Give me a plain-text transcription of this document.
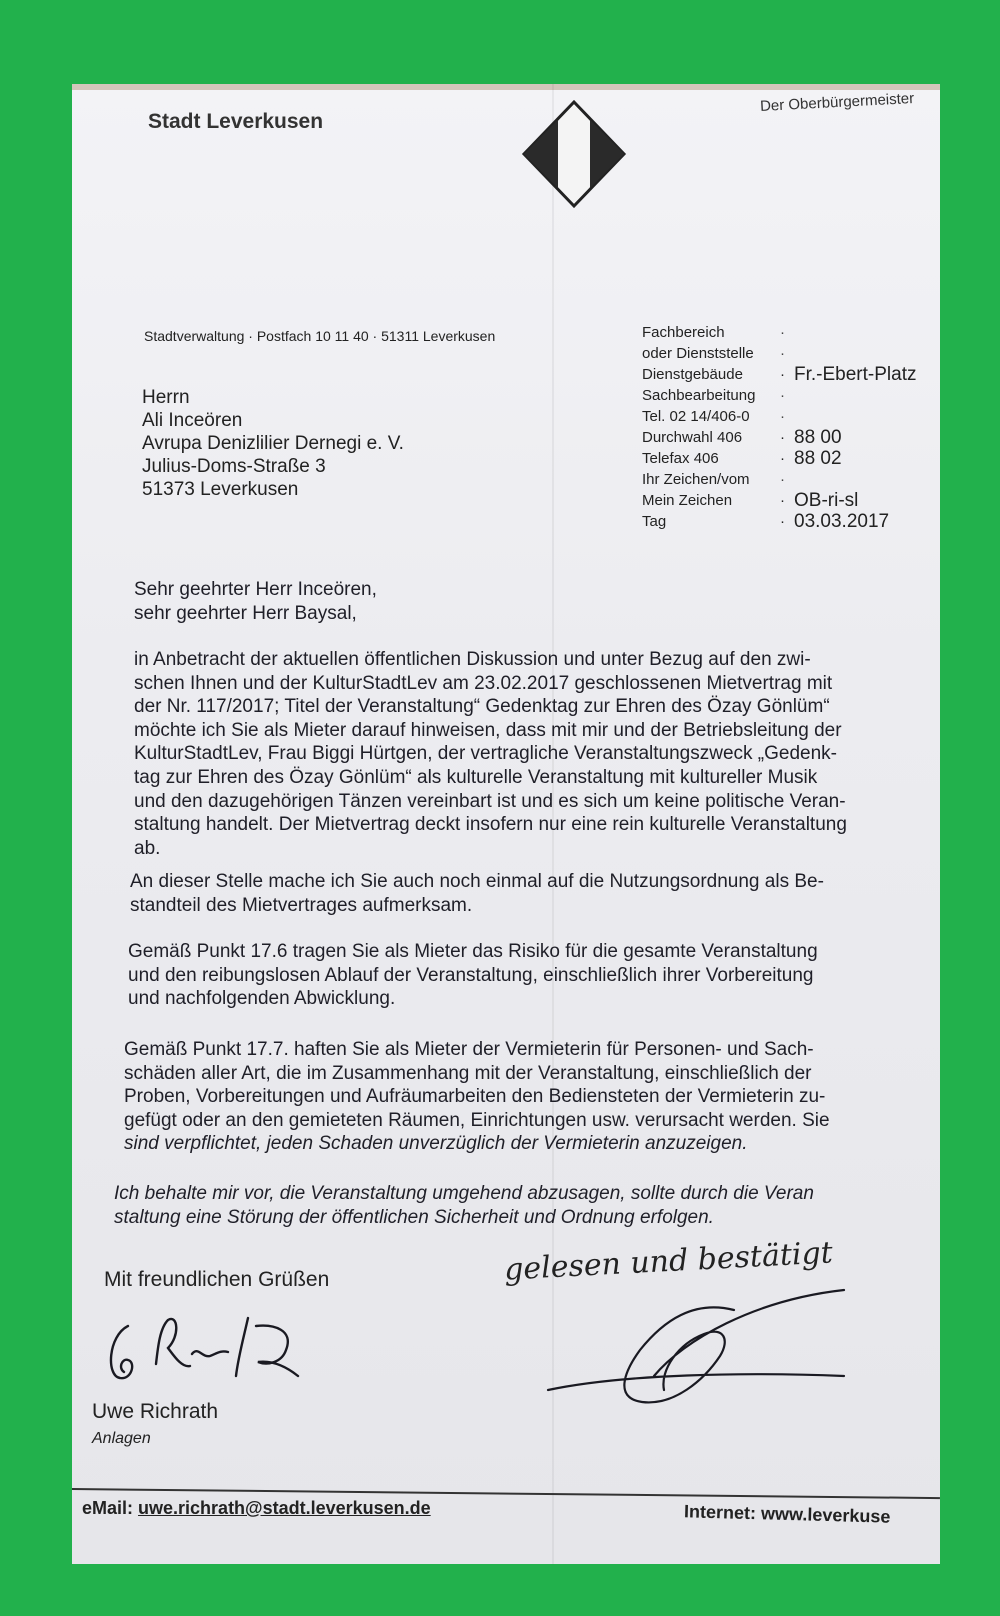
Stadt Leverkusen
Der Oberbürgermeister
Stadtverwaltung · Postfach 10 11 40 · 51311 Leverkusen
Herrn
Ali Inceören
Avrupa Denizlilier Dernegi e. V.
Julius-Doms-Straße 3
51373 Leverkusen
Fachbereich	·
oder Dienststelle	·
Dienstgebäude	· Fr.-Ebert-Platz
Sachbearbeitung	·
Tel. 02 14/406-0	·
Durchwahl 406	· 88 00
Telefax 406	· 88 02
Ihr Zeichen/vom	·
Mein Zeichen	· OB-ri-sl
Tag	· 03.03.2017
Sehr geehrter Herr Inceören,
sehr geehrter Herr Baysal,
in Anbetracht der aktuellen öffentlichen Diskussion und unter Bezug auf den zwi-
schen Ihnen und der KulturStadtLev am 23.02.2017 geschlossenen Mietvertrag mit
der Nr. 117/2017; Titel der Veranstaltung“ Gedenktag zur Ehren des Özay Gönlüm“
möchte ich Sie als Mieter darauf hinweisen, dass mit mir und der Betriebsleitung der
KulturStadtLev, Frau Biggi Hürtgen, der vertragliche Veranstaltungszweck „Gedenk-
tag zur Ehren des Özay Gönlüm“ als kulturelle Veranstaltung mit kultureller Musik
und den dazugehörigen Tänzen vereinbart ist und es sich um keine politische Veran-
staltung handelt. Der Mietvertrag deckt insofern nur eine rein kulturelle Veranstaltung
ab.
An dieser Stelle mache ich Sie auch noch einmal auf die Nutzungsordnung als Be-
standteil des Mietvertrages aufmerksam.
Gemäß Punkt 17.6 tragen Sie als Mieter das Risiko für die gesamte Veranstaltung
und den reibungslosen Ablauf der Veranstaltung, einschließlich ihrer Vorbereitung
und nachfolgenden Abwicklung.
Gemäß Punkt 17.7. haften Sie als Mieter der Vermieterin für Personen- und Sach-
schäden aller Art, die im Zusammenhang mit der Veranstaltung, einschließlich der
Proben, Vorbereitungen und Aufräumarbeiten den Bediensteten der Vermieterin zu-
gefügt oder an den gemieteten Räumen, Einrichtungen usw. verursacht werden. Sie
sind verpflichtet, jeden Schaden unverzüglich der Vermieterin anzuzeigen.
Ich behalte mir vor, die Veranstaltung umgehend abzusagen, sollte durch die Veran
staltung eine Störung der öffentlichen Sicherheit und Ordnung erfolgen.
Mit freundlichen Grüßen
Uwe Richrath
Anlagen
gelesen und bestätigt
eMail: uwe.richrath@stadt.leverkusen.de	Internet: www.leverkuse
